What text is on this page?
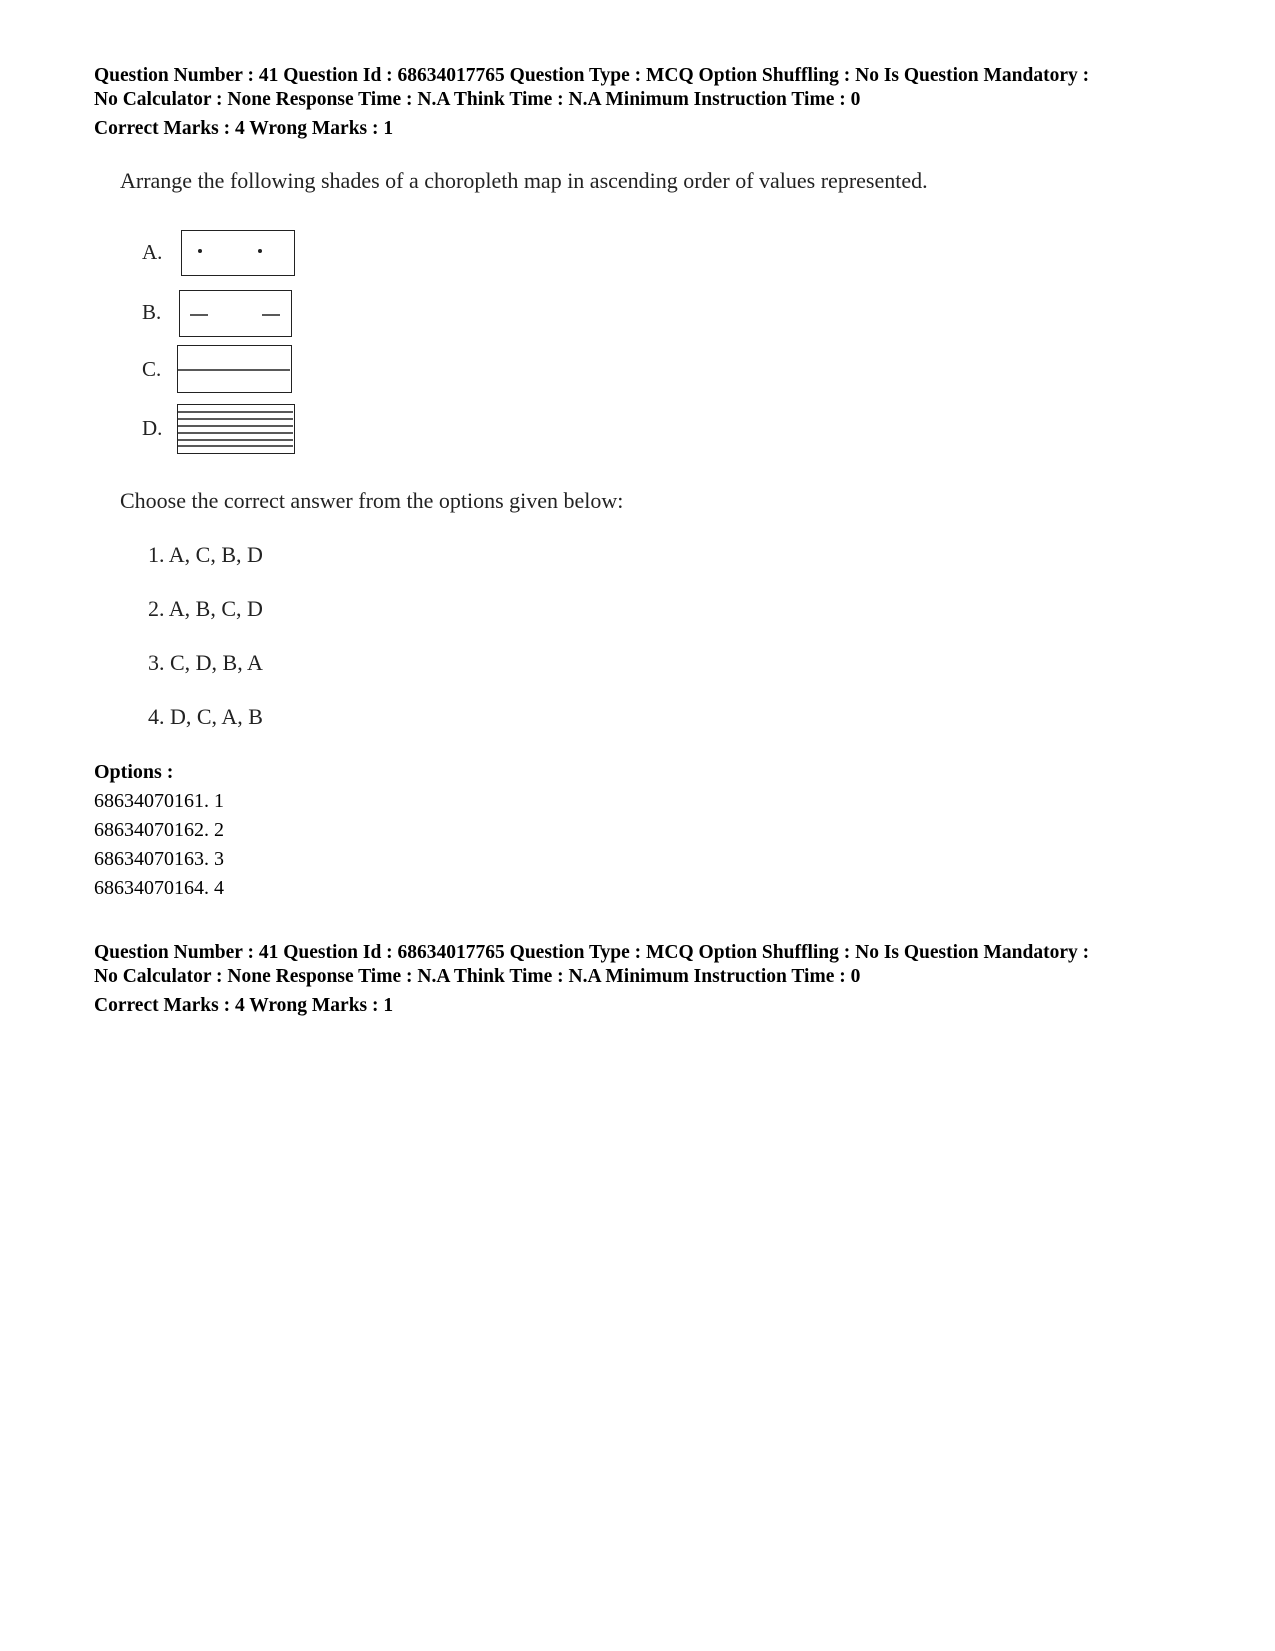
Question Number : 41 Question Id : 68634017765 Question Type : MCQ Option Shuffling : No Is Question Mandatory :
No Calculator : None Response Time : N.A Think Time : N.A Minimum Instruction Time : 0
Correct Marks : 4 Wrong Marks : 1
Arrange the following shades of a choropleth map in ascending order of values represented.
A.
B.
C.
D.
Choose the correct answer from the options given below:
1. A, C, B, D
2. A, B, C, D
3. C, D, B, A
4. D, C, A, B
Options :
68634070161. 1
68634070162. 2
68634070163. 3
68634070164. 4
Question Number : 41 Question Id : 68634017765 Question Type : MCQ Option Shuffling : No Is Question Mandatory :
No Calculator : None Response Time : N.A Think Time : N.A Minimum Instruction Time : 0
Correct Marks : 4 Wrong Marks : 1
